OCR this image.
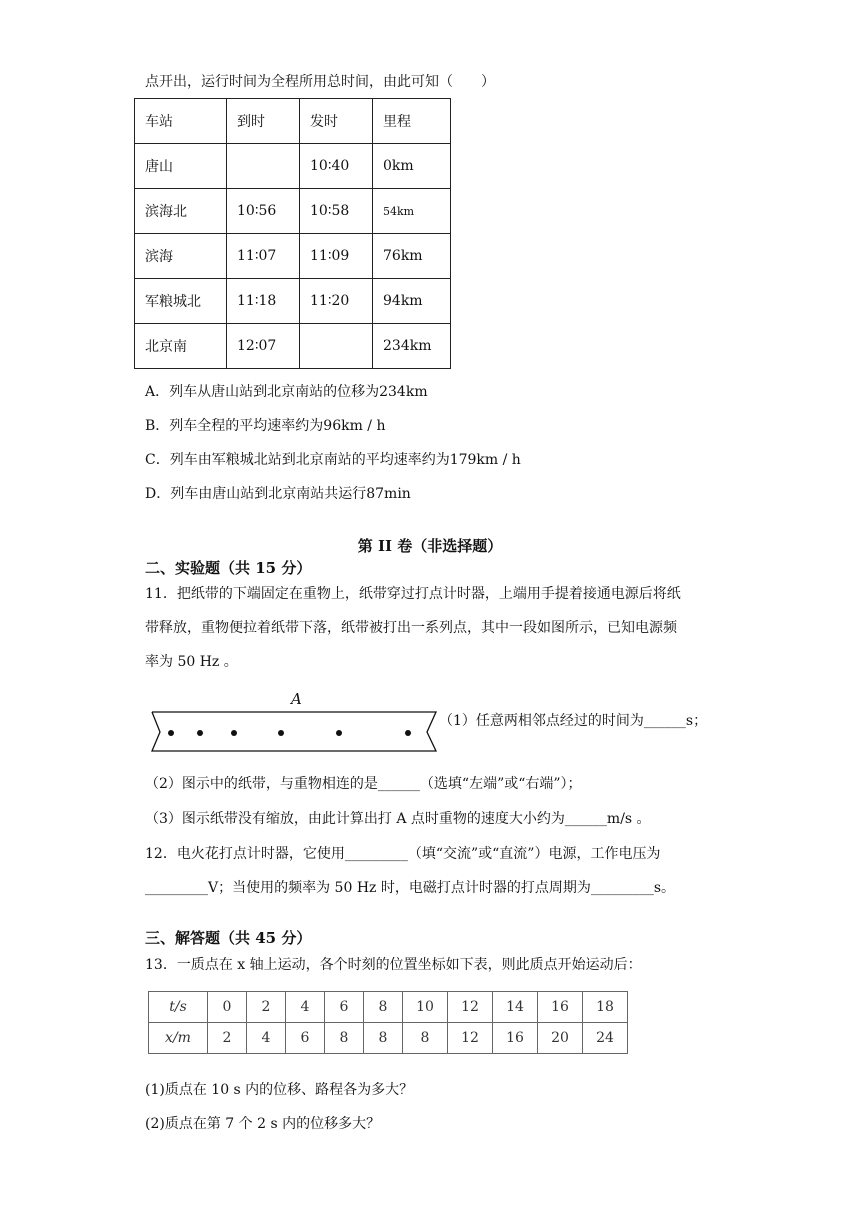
点开出，运行时间为全程所用总时间，由此可知（　　）
车站	到时	发时	里程
唐山		10∶40	0km
滨海北	10∶56	10∶58	54km
滨海	11∶07	11∶09	76km
军粮城北	11∶18	11∶20	94km
北京南	12∶07		234km
A．列车从唐山站到北京南站的位移为234km
B．列车全程的平均速率约为96km / h
C．列车由军粮城北站到北京南站的平均速率约为179km / h
D．列车由唐山站到北京南站共运行87min
第 II 卷（非选择题）
二、实验题（共 15 分）
11．把纸带的下端固定在重物上，纸带穿过打点计时器，上端用手提着接通电源后将纸
带释放，重物便拉着纸带下落，纸带被打出一系列点，其中一段如图所示，已知电源频
率为 50 Hz 。
A
（1）任意两相邻点经过的时间为______s；
（2）图示中的纸带，与重物相连的是______（选填“左端”或“右端”）；
（3）图示纸带没有缩放，由此计算出打 A 点时重物的速度大小约为______m/s 。
12．电火花打点计时器，它使用_________（填“交流”或“直流”）电源，工作电压为
_________V；当使用的频率为 50 Hz 时，电磁打点计时器的打点周期为_________s。
三、解答题（共 45 分）
13．一质点在 x 轴上运动，各个时刻的位置坐标如下表，则此质点开始运动后：
t/s	0	2	4	6	8	10	12	14	16	18
x/m	2	4	6	8	8	8	12	16	20	24
(1)质点在 10 s 内的位移、路程各为多大？
(2)质点在第 7 个 2 s 内的位移多大？
